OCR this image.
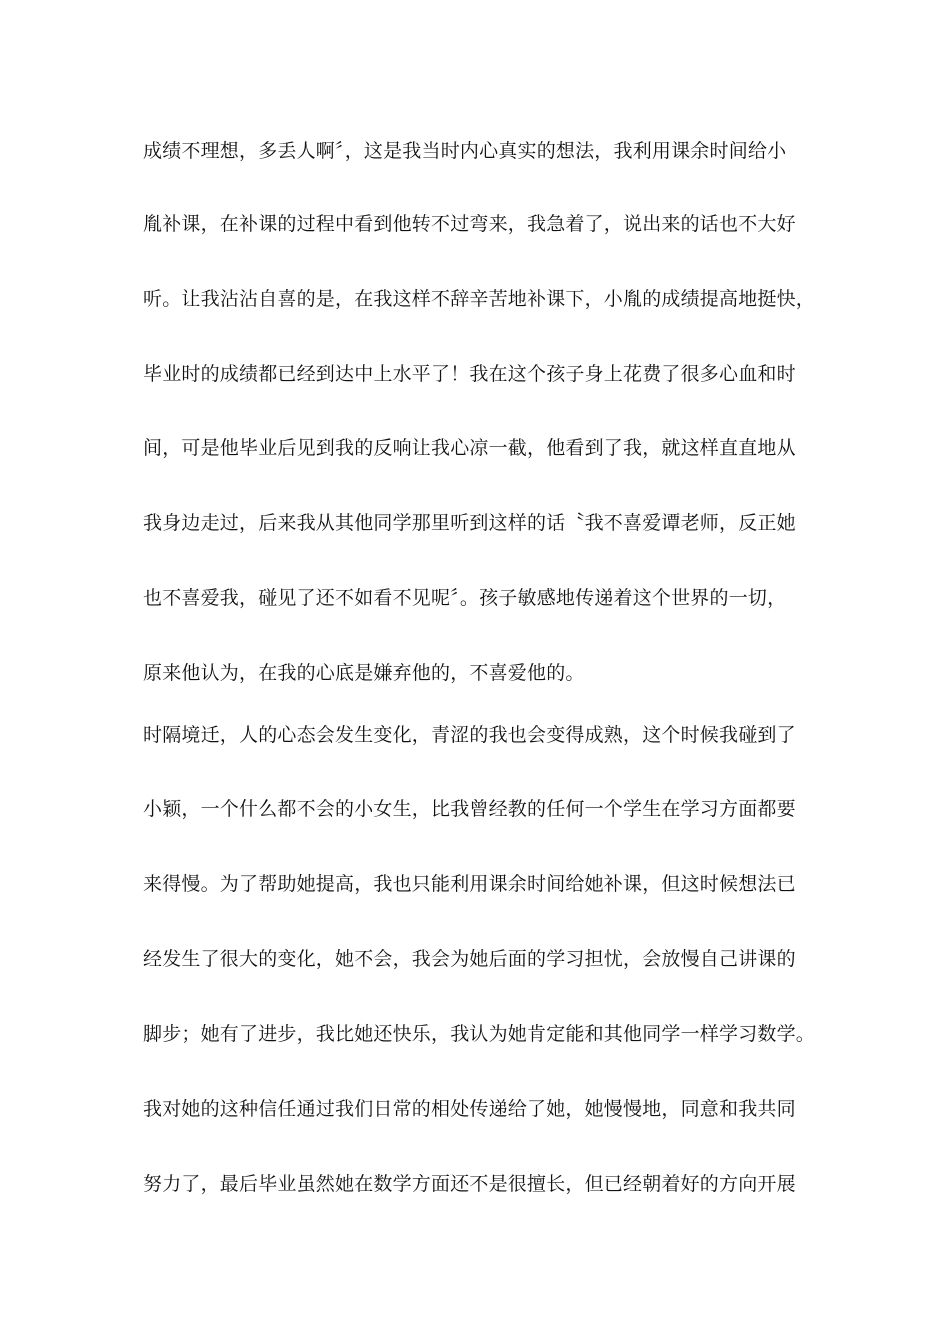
成绩不理想，多丢人啊〞，这是我当时内心真实的想法，我利用课余时间给小
胤补课，在补课的过程中看到他转不过弯来，我急着了，说出来的话也不大好
听。让我沾沾自喜的是，在我这样不辞辛苦地补课下，小胤的成绩提高地挺快，
毕业时的成绩都已经到达中上水平了！我在这个孩子身上花费了很多心血和时
间，可是他毕业后见到我的反响让我心凉一截，他看到了我，就这样直直地从
我身边走过，后来我从其他同学那里听到这样的话〝我不喜爱谭老师，反正她
也不喜爱我，碰见了还不如看不见呢〞。孩子敏感地传递着这个世界的一切，
原来他认为，在我的心底是嫌弃他的，不喜爱他的。
时隔境迁，人的心态会发生变化，青涩的我也会变得成熟，这个时候我碰到了
小颖，一个什么都不会的小女生，比我曾经教的任何一个学生在学习方面都要
来得慢。为了帮助她提高，我也只能利用课余时间给她补课，但这时候想法已
经发生了很大的变化，她不会，我会为她后面的学习担忧，会放慢自己讲课的
脚步；她有了进步，我比她还快乐，我认为她肯定能和其他同学一样学习数学。
我对她的这种信任通过我们日常的相处传递给了她，她慢慢地，同意和我共同
努力了，最后毕业虽然她在数学方面还不是很擅长，但已经朝着好的方向开展
